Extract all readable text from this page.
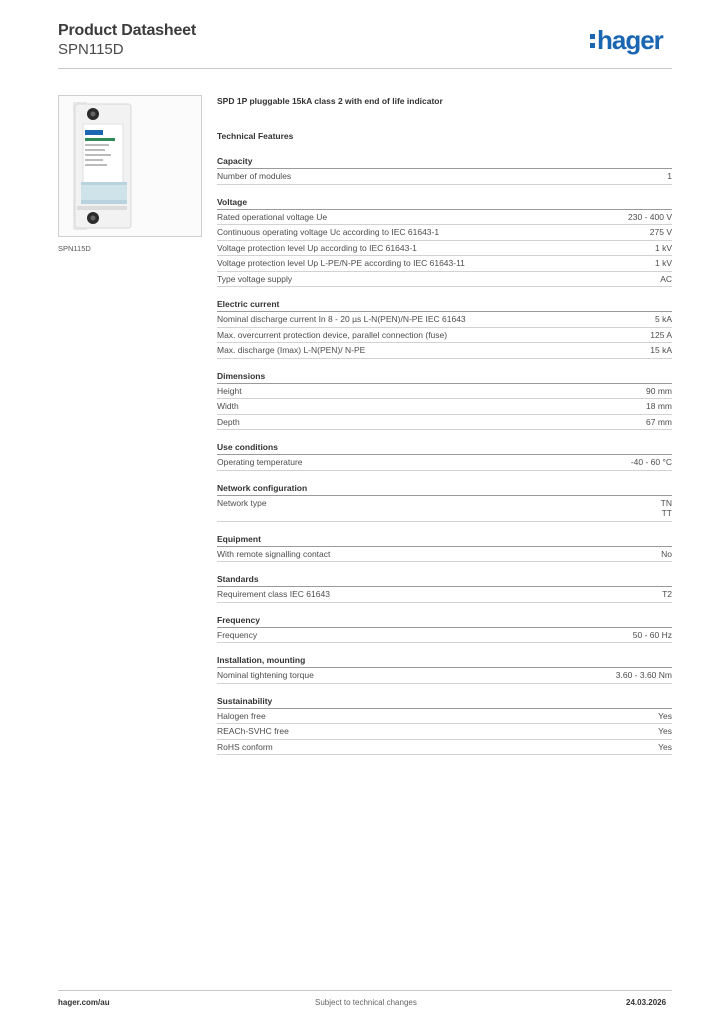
Product Datasheet
SPN115D	hager
SPN115D
SPD 1P pluggable 15kA class 2 with end of life indicator
Technical Features
Capacity
Number of modules	1
Voltage
Rated operational voltage Ue	230 - 400 V
Continuous operating voltage Uc according to IEC 61643-1	275 V
Voltage protection level Up according to IEC 61643-1	1 kV
Voltage protection level Up L-PE/N-PE according to IEC 61643-11	1 kV
Type voltage supply	AC
Electric current
Nominal discharge current In 8 - 20 µs L-N(PEN)/N-PE IEC 61643	5 kA
Max. overcurrent protection device, parallel connection (fuse)	125 A
Max. discharge (Imax) L-N(PEN)/ N-PE	15 kA
Dimensions
Height	90 mm
Width	18 mm
Depth	67 mm
Use conditions
Operating temperature	-40 - 60 °C
Network configuration
Network type	TN
TT
Equipment
With remote signalling contact	No
Standards
Requirement class IEC 61643	T2
Frequency
Frequency	50 - 60 Hz
Installation, mounting
Nominal tightening torque	3.60 - 3.60 Nm
Sustainability
Halogen free	Yes
REACh-SVHC free	Yes
RoHS conform	Yes
hager.com/au	Subject to technical changes	24.03.2026
